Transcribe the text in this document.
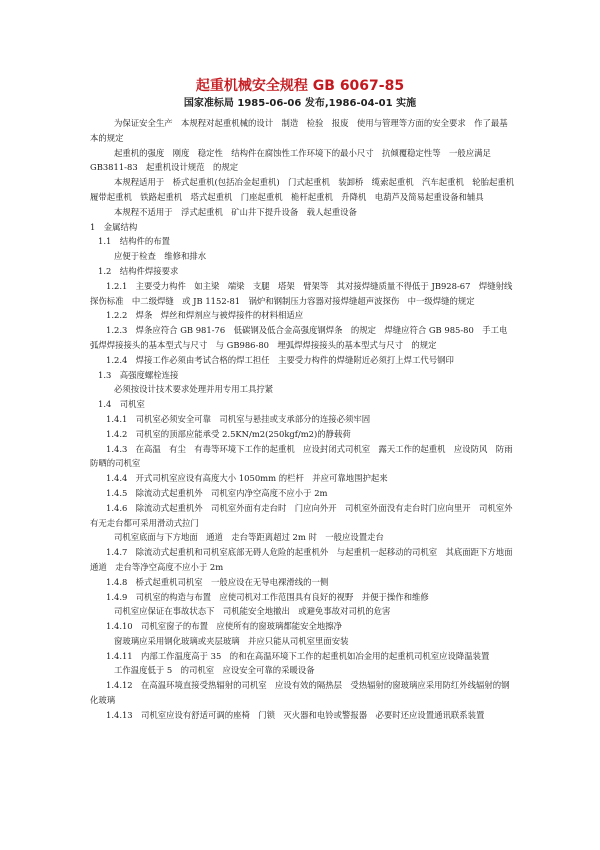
起重机械安全规程 GB 6067-85
国家准标局 1985-06-06 发布,1986-04-01 实施

为保证安全生产　本规程对起重机械的设计　制造　检验　报废　使用与管理等方面的安全要求　作了最基本的规定

起重机的强度　刚度　稳定性　结构件在腐蚀性工作环境下的最小尺寸　抗倾覆稳定性等　一般应满足 GB3811-83　起重机设计规范　的规定

本规程适用于　桥式起重机(包括冶金起重机)　门式起重机　装卸桥　缆索起重机　汽车起重机　轮胎起重机　履带起重机　铁路起重机　塔式起重机　门座起重机　桅杆起重机　升降机　电葫芦及简易起重设备和辅具

本规程不适用于　浮式起重机　矿山井下提升设备　载人起重设备

1　金属结构

1.1　结构件的布置

应便于检查　维修和排水

1.2　结构件焊接要求

1.2.1　主要受力构件　如主梁　端梁　支腿　塔架　臂架等　其对接焊缝质量不得低于 JB928-67　焊缝射线探伤标准　中二级焊缝　或 JB 1152-81　锅炉和钢制压力容器对接焊缝超声波探伤　中一级焊缝的规定

1.2.2　焊条　焊丝和焊剂应与被焊接件的材料相适应

1.2.3　焊条应符合 GB 981-76　低碳钢及低合金高强度钢焊条　的规定　焊缝应符合 GB 985-80　手工电弧焊焊接接头的基本型式与尺寸　与 GB986-80　埋弧焊焊接接头的基本型式与尺寸　的规定

1.2.4　焊接工作必须由考试合格的焊工担任　主要受力构件的焊缝附近必须打上焊工代号钢印

1.3　高强度螺栓连接

必须按设计技术要求处理并用专用工具拧紧

1.4　司机室

1.4.1　司机室必须安全可靠　司机室与悬挂或支承部分的连接必须牢固

1.4.2　司机室的顶部应能承受 2.5KN/m2(250kgf/m2)的静载荷

1.4.3　在高温　有尘　有毒等环境下工作的起重机　应设封闭式司机室　露天工作的起重机　应设防风　防雨　防晒的司机室

1.4.4　开式司机室应设有高度大小 1050mm 的栏杆　并应可靠地围护起来

1.4.5　除流动式起重机外　司机室内净空高度不应小于 2m

1.4.6　除流动式起重机外　司机室外面有走台时　门应向外开　司机室外面没有走台时门应向里开　司机室外有无走台都可采用滑动式拉门

司机室底面与下方地面　通道　走台等距离超过 2m 时　一般应设置走台

1.4.7　除流动式起重机和司机室底部无碍人危险的起重机外　与起重机一起移动的司机室　其底面距下方地面　通道　走台等净空高度不应小于 2m

1.4.8　桥式起重机司机室　一般应设在无导电裸滑线的一侧

1.4.9　司机室的构造与布置　应使司机对工作范围具有良好的视野　并便于操作和维修

司机室应保证在事故状态下　司机能安全地撤出　或避免事故对司机的危害

1.4.10　司机室窗子的布置　应使所有的窗玻璃都能安全地擦净

窗玻璃应采用钢化玻璃或夹层玻璃　并应只能从司机室里面安装

1.4.11　内部工作温度高于 35　的和在高温环境下工作的起重机如冶金用的起重机司机室应设降温装置

工作温度低于 5　的司机室　应设安全可靠的采暖设备

1.4.12　在高温环境直接受热辐射的司机室　应设有效的隔热层　受热辐射的窗玻璃应采用防红外线辐射的钢化玻璃

1.4.13　司机室应设有舒适可调的座椅　门锁　灭火器和电铃或警报器　必要时还应设置通讯联系装置
